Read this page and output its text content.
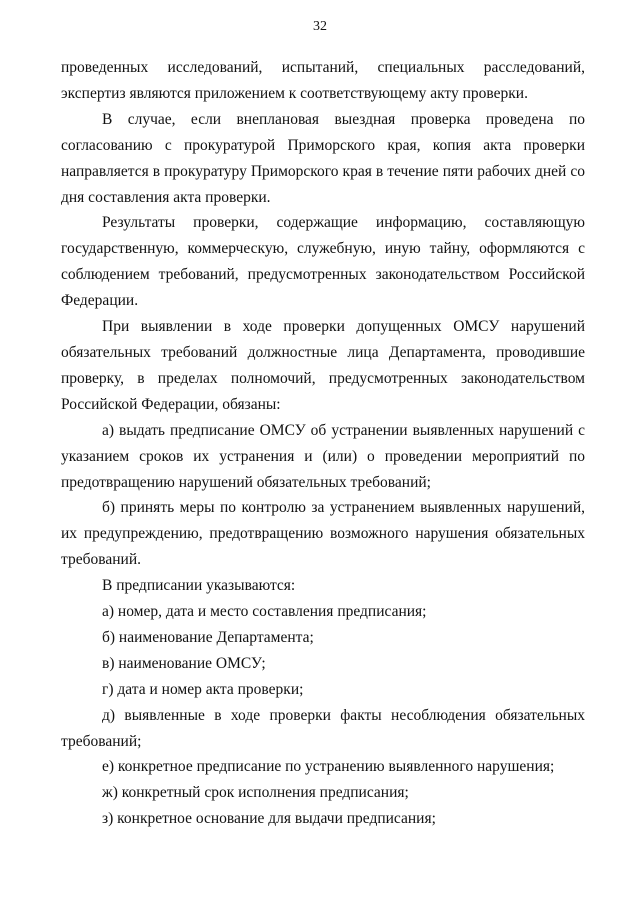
32

проведенных исследований, испытаний, специальных расследований, экспертиз являются приложением к соответствующему акту проверки.

В случае, если внеплановая выездная проверка проведена по согласованию с прокуратурой Приморского края, копия акта проверки направляется в прокуратуру Приморского края в течение пяти рабочих дней со дня составления акта проверки.

Результаты проверки, содержащие информацию, составляющую государственную, коммерческую, служебную, иную тайну, оформляются с соблюдением требований, предусмотренных законодательством Российской Федерации.

При выявлении в ходе проверки допущенных ОМСУ нарушений обязательных требований должностные лица Департамента, проводившие проверку, в пределах полномочий, предусмотренных законодательством Российской Федерации, обязаны:

а) выдать предписание ОМСУ об устранении выявленных нарушений с указанием сроков их устранения и (или) о проведении мероприятий по предотвращению нарушений обязательных требований;

б) принять меры по контролю за устранением выявленных нарушений, их предупреждению, предотвращению возможного нарушения обязательных требований.

В предписании указываются:

а) номер, дата и место составления предписания;

б) наименование Департамента;

в) наименование ОМСУ;

г) дата и номер акта проверки;

д) выявленные в ходе проверки факты несоблюдения обязательных требований;

е) конкретное предписание по устранению выявленного нарушения;

ж) конкретный срок исполнения предписания;

з) конкретное основание для выдачи предписания;
